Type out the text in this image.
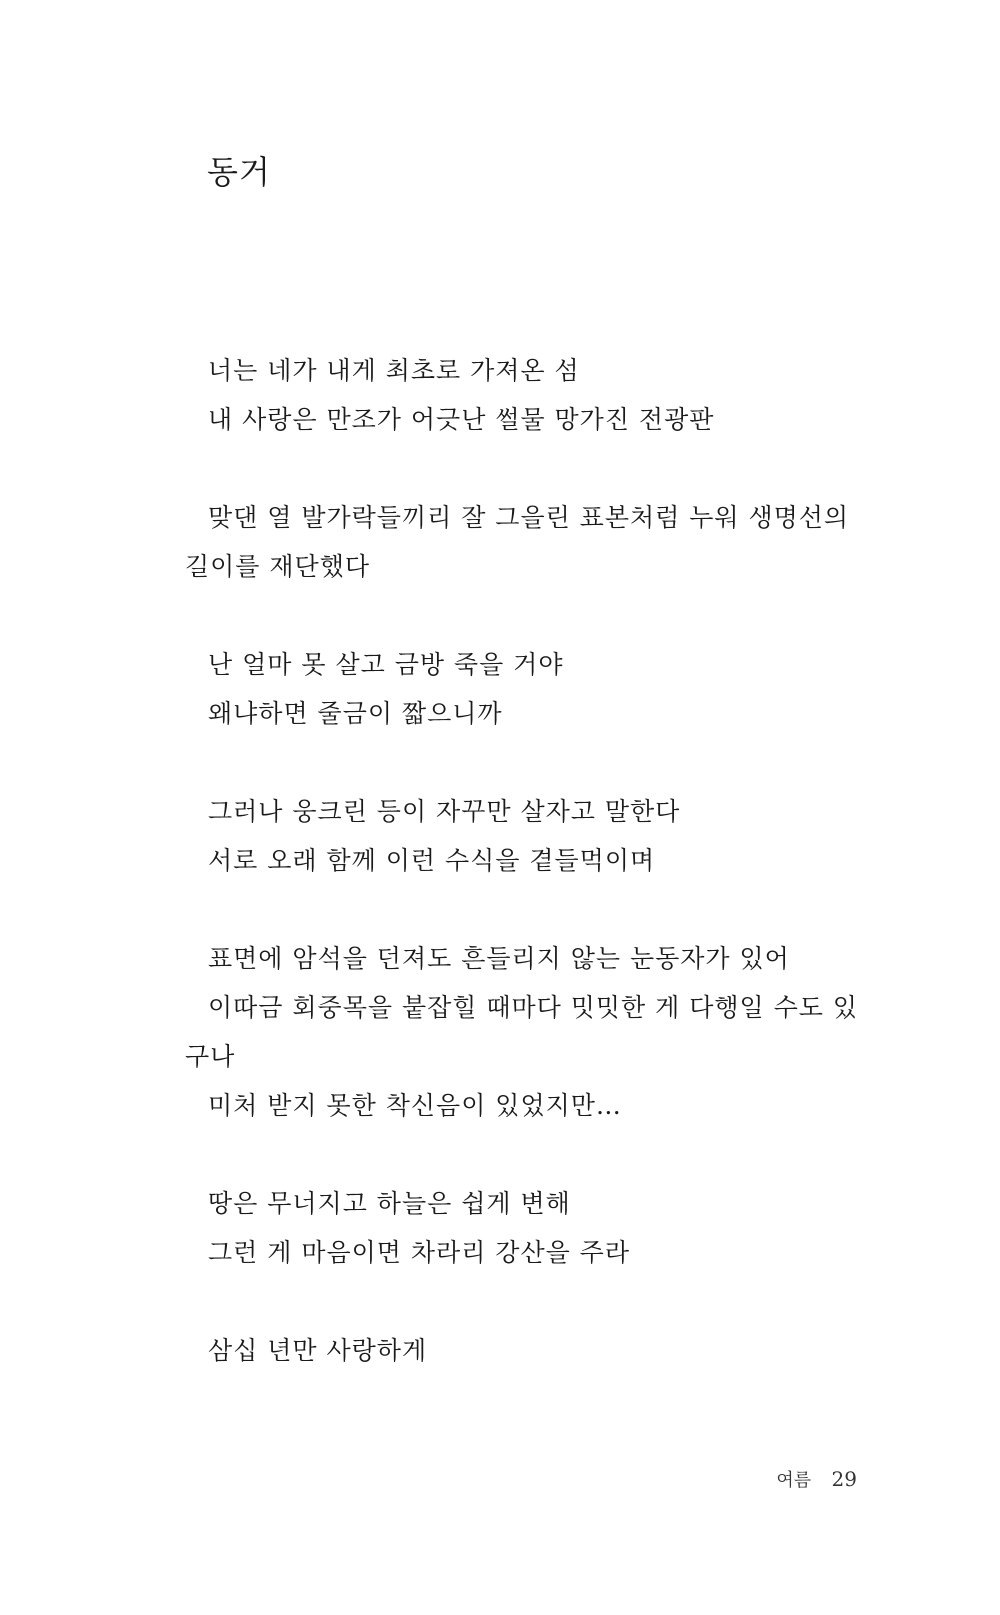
동거
너는 네가 내게 최초로 가져온 섬
내 사랑은 만조가 어긋난 썰물 망가진 전광판
맞댄 열 발가락들끼리 잘 그을린 표본처럼 누워 생명선의
길이를 재단했다
난 얼마 못 살고 금방 죽을 거야
왜냐하면 줄금이 짧으니까
그러나 웅크린 등이 자꾸만 살자고 말한다
서로 오래 함께 이런 수식을 곁들먹이며
표면에 암석을 던져도 흔들리지 않는 눈동자가 있어
이따금 회중목을 붙잡힐 때마다 밋밋한 게 다행일 수도 있
구나
미처 받지 못한 착신음이 있었지만…
땅은 무너지고 하늘은 쉽게 변해
그런 게 마음이면 차라리 강산을 주라
삼십 년만 사랑하게
여름 29
